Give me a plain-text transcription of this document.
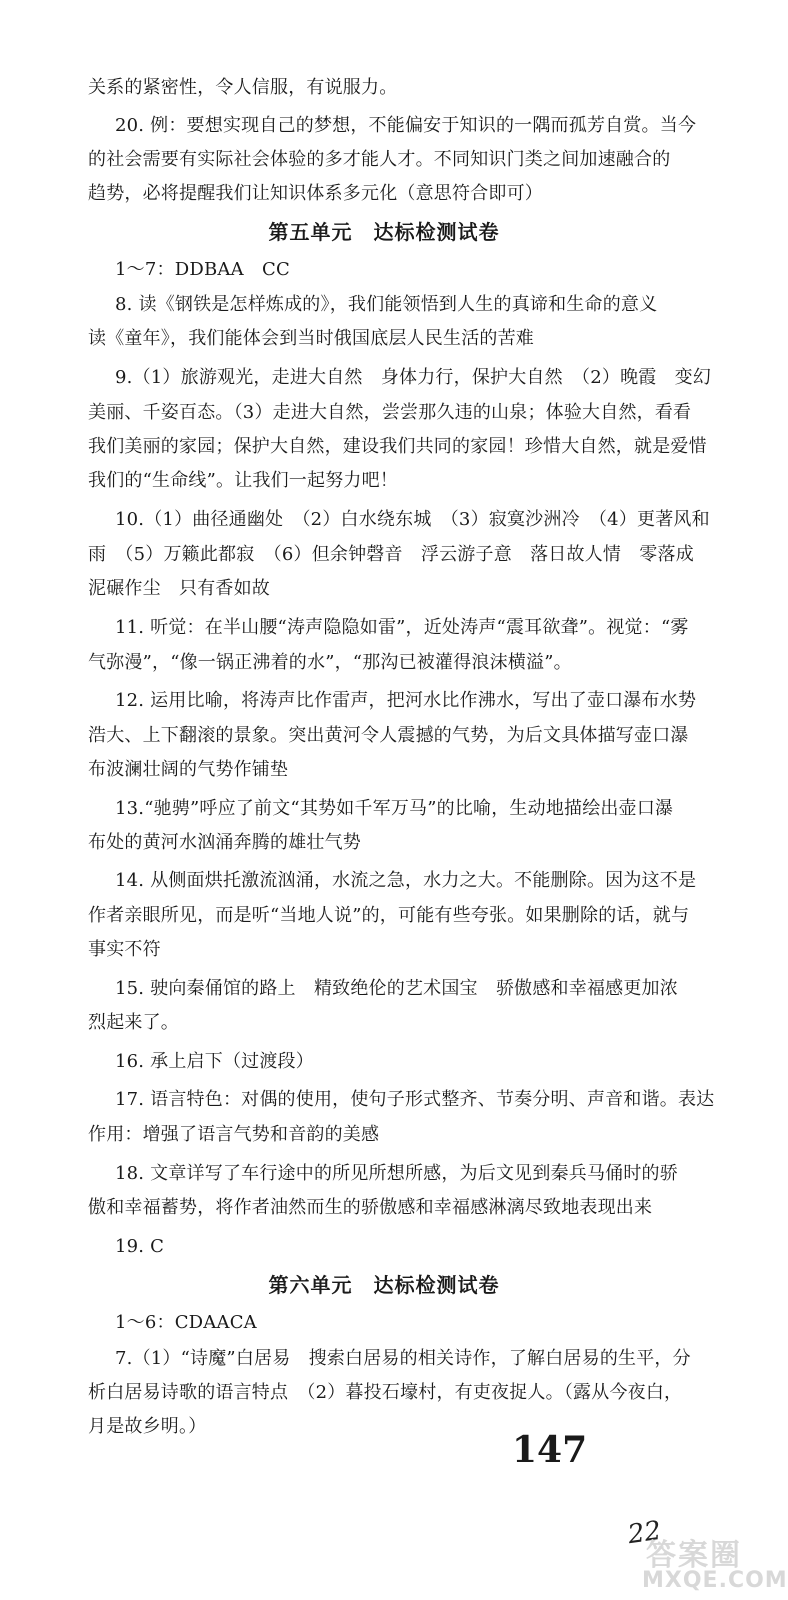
关系的紧密性，令人信服，有说服力。
20. 例：要想实现自己的梦想，不能偏安于知识的一隅而孤芳自赏。当今
的社会需要有实际社会体验的多才能人才。不同知识门类之间加速融合的
趋势，必将提醒我们让知识体系多元化（意思符合即可）
第五单元　达标检测试卷
1～7：DDBAA　CC
8. 读《钢铁是怎样炼成的》，我们能领悟到人生的真谛和生命的意义
读《童年》，我们能体会到当时俄国底层人民生活的苦难
9.（1）旅游观光，走进大自然　身体力行，保护大自然　（2）晚霞　变幻
美丽、千姿百态。（3）走进大自然，尝尝那久违的山泉；体验大自然，看看
我们美丽的家园；保护大自然，建设我们共同的家园！珍惜大自然，就是爱惜
我们的“生命线”。让我们一起努力吧！
10.（1）曲径通幽处　（2）白水绕东城　（3）寂寞沙洲冷　（4）更著风和
雨　（5）万籁此都寂　（6）但余钟磬音　浮云游子意　落日故人情　零落成
泥碾作尘　只有香如故
11. 听觉：在半山腰“涛声隐隐如雷”，近处涛声“震耳欲聋”。视觉：“雾
气弥漫”，“像一锅正沸着的水”，“那沟已被灌得浪沫横溢”。
12. 运用比喻，将涛声比作雷声，把河水比作沸水，写出了壶口瀑布水势
浩大、上下翻滚的景象。突出黄河令人震撼的气势，为后文具体描写壶口瀑
布波澜壮阔的气势作铺垫
13.“驰骋”呼应了前文“其势如千军万马”的比喻，生动地描绘出壶口瀑
布处的黄河水汹涌奔腾的雄壮气势
14. 从侧面烘托激流汹涌，水流之急，水力之大。不能删除。因为这不是
作者亲眼所见，而是听“当地人说”的，可能有些夸张。如果删除的话，就与
事实不符
15. 驶向秦俑馆的路上　精致绝伦的艺术国宝　骄傲感和幸福感更加浓
烈起来了。
16. 承上启下（过渡段）
17. 语言特色：对偶的使用，使句子形式整齐、节奏分明、声音和谐。表达
作用：增强了语言气势和音韵的美感
18. 文章详写了车行途中的所见所想所感，为后文见到秦兵马俑时的骄
傲和幸福蓄势，将作者油然而生的骄傲感和幸福感淋漓尽致地表现出来
19. C
第六单元　达标检测试卷
1～6：CDAACA
7.（1）“诗魔”白居易　搜索白居易的相关诗作，了解白居易的生平，分
析白居易诗歌的语言特点　（2）暮投石壕村，有吏夜捉人。（露从今夜白，
月是故乡明。）
147
22
答案圈
MXQE.COM
